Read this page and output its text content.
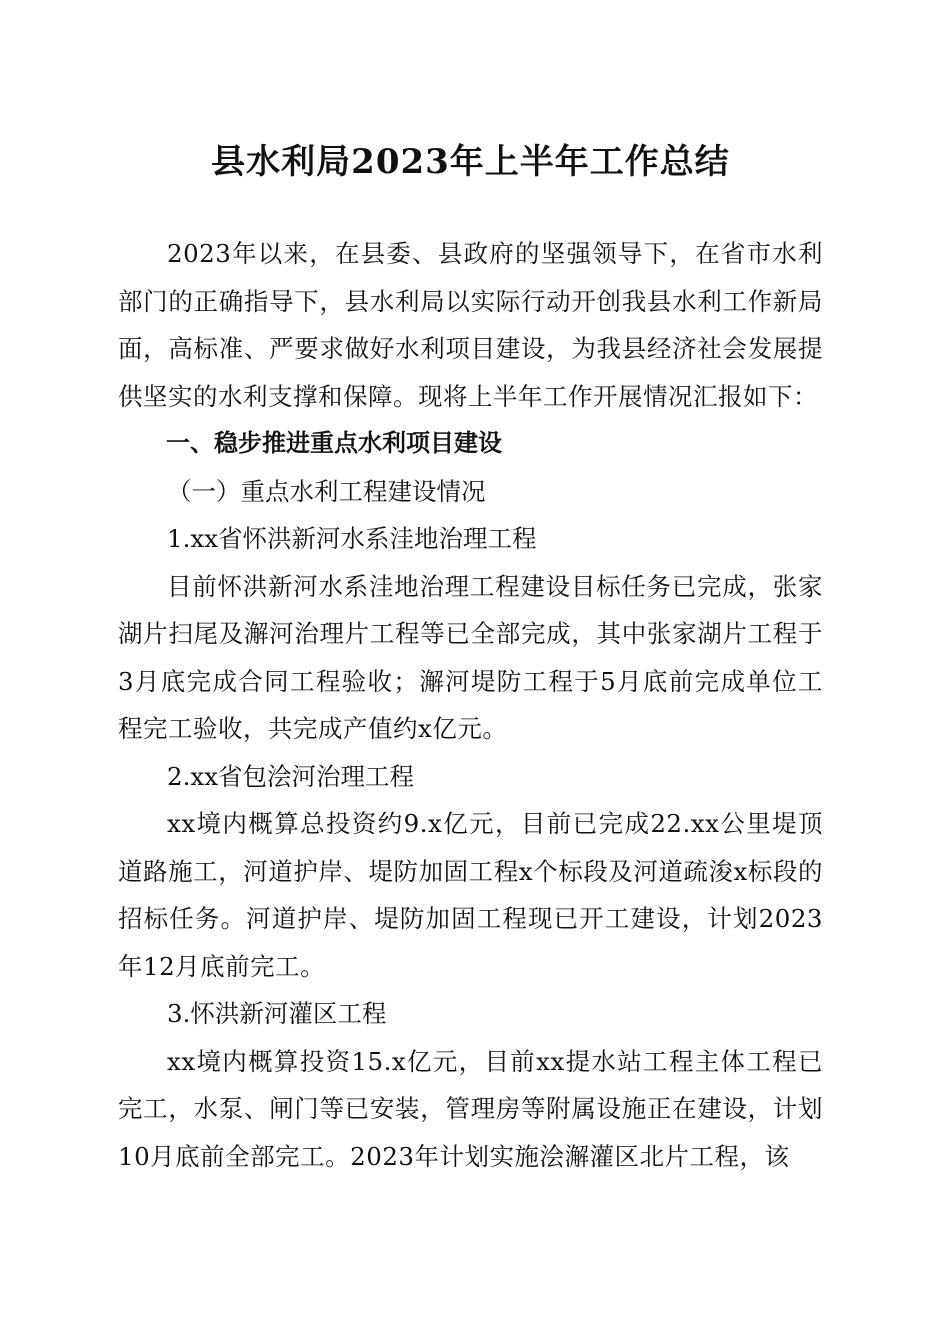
县水利局2023年上半年工作总结

2023年以来，在县委、县政府的坚强领导下，在省市水利部门的正确指导下，县水利局以实际行动开创我县水利工作新局面，高标准、严要求做好水利项目建设，为我县经济社会发展提供坚实的水利支撑和保障。现将上半年工作开展情况汇报如下：

一、稳步推进重点水利项目建设

（一）重点水利工程建设情况

1.xx省怀洪新河水系洼地治理工程

目前怀洪新河水系洼地治理工程建设目标任务已完成，张家湖片扫尾及澥河治理片工程等已全部完成，其中张家湖片工程于3月底完成合同工程验收；澥河堤防工程于5月底前完成单位工程完工验收，共完成产值约x亿元。

2.xx省包浍河治理工程

xx境内概算总投资约9.x亿元，目前已完成22.xx公里堤顶道路施工，河道护岸、堤防加固工程x个标段及河道疏浚x标段的招标任务。河道护岸、堤防加固工程现已开工建设，计划2023年12月底前完工。

3.怀洪新河灌区工程

xx境内概算投资15.x亿元，目前xx提水站工程主体工程已完工，水泵、闸门等已安装，管理房等附属设施正在建设，计划10月底前全部完工。2023年计划实施浍澥灌区北片工程，该
